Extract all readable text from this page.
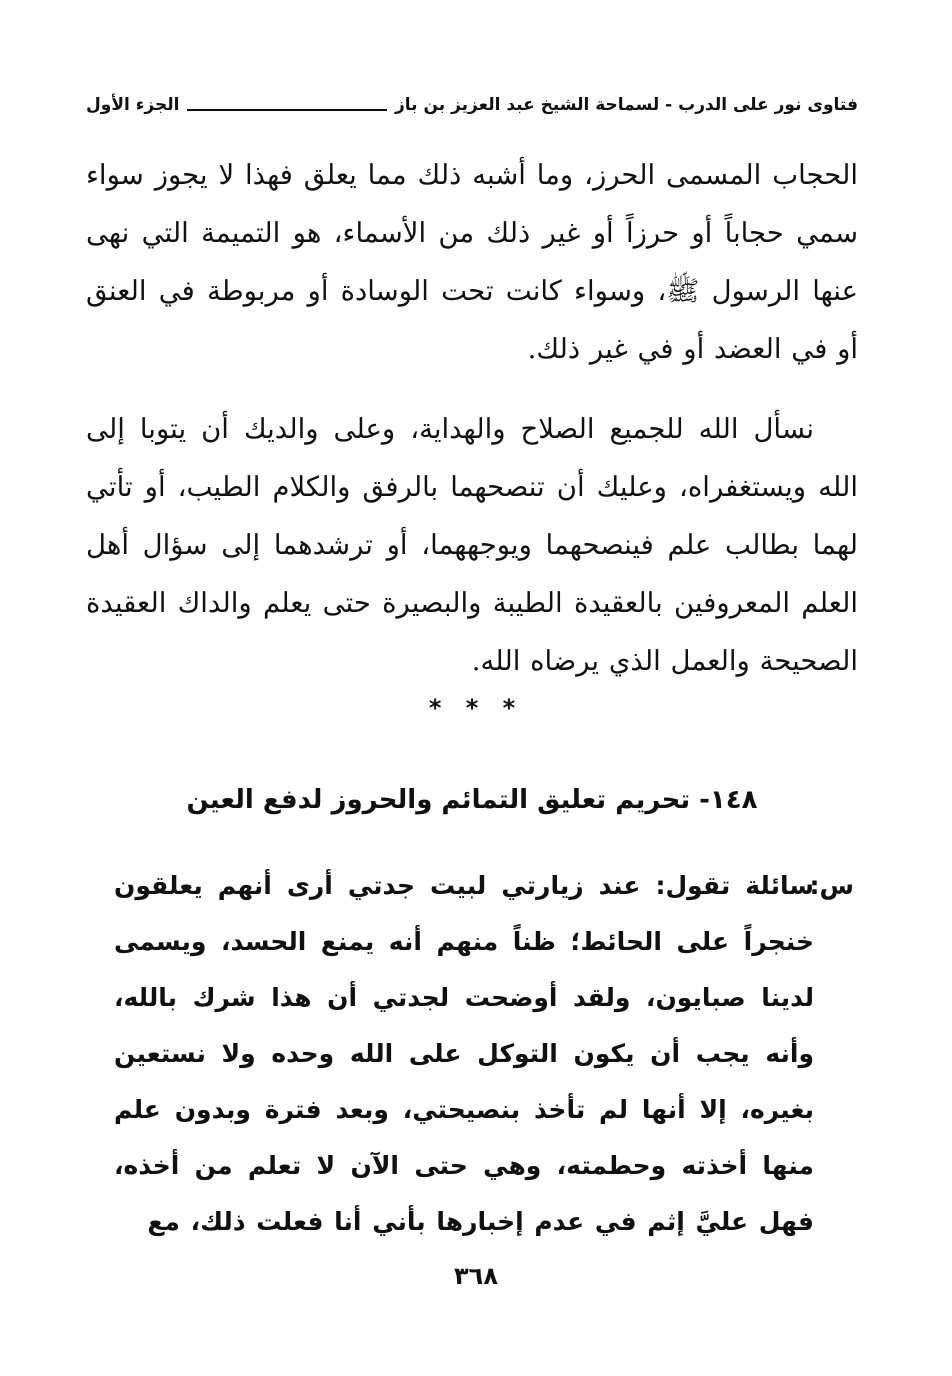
فتاوى نور على الدرب - لسماحة الشيخ عبد العزيز بن باز
الجزء الأول
الحجاب المسمى الحرز، وما أشبه ذلك مما يعلق فهذا لا يجوز سواء سمي حجاباً أو حرزاً أو غير ذلك من الأسماء، هو التميمة التي نهى عنها الرسول ﷺ، وسواء كانت تحت الوسادة أو مربوطة في العنق أو في العضد أو في غير ذلك.
نسأل الله للجميع الصلاح والهداية، وعلى والديك أن يتوبا إلى الله ويستغفراه، وعليك أن تنصحهما بالرفق والكلام الطيب، أو تأتي لهما بطالب علم فينصحهما ويوجههما، أو ترشدهما إلى سؤال أهل العلم المعروفين بالعقيدة الطيبة والبصيرة حتى يعلم والداك العقيدة الصحيحة والعمل الذي يرضاه الله.
* * *
١٤٨- تحريم تعليق التمائم والحروز لدفع العين
س:
سائلة تقول: عند زيارتي لبيت جدتي أرى أنهم يعلقون خنجراً على الحائط؛ ظناً منهم أنه يمنع الحسد، ويسمى لدينا صبايون، ولقد أوضحت لجدتي أن هذا شرك بالله، وأنه يجب أن يكون التوكل على الله وحده ولا نستعين بغيره، إلا أنها لم تأخذ بنصيحتي، وبعد فترة وبدون علم منها أخذته وحطمته، وهي حتى الآن لا تعلم من أخذه، فهل عليَّ إثم في عدم إخبارها بأني أنا فعلت ذلك، مع
٣٦٨
